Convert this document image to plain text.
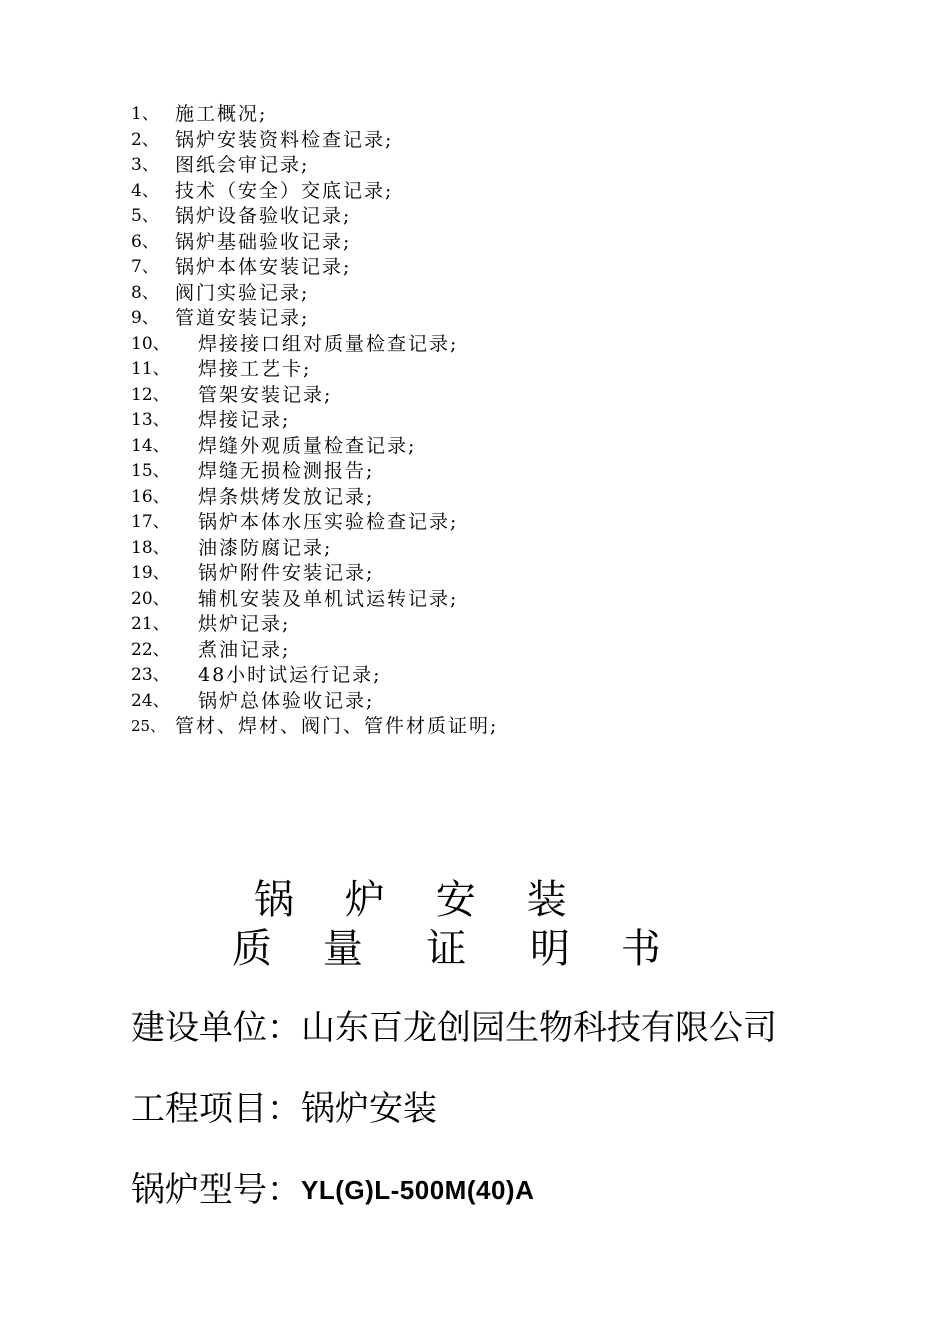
1、 施工概况;
2、 锅炉安装资料检查记录;
3、 图纸会审记录;
4、 技术（安全）交底记录;
5、 锅炉设备验收记录;
6、 锅炉基础验收记录;
7、 锅炉本体安装记录;
8、 阀门实验记录;
9、 管道安装记录;
10、	焊接接口组对质量检查记录;
11、	焊接工艺卡;
12、	管架安装记录;
13、	焊接记录;
14、	焊缝外观质量检查记录;
15、	焊缝无损检测报告;
16、	焊条烘烤发放记录;
17、	锅炉本体水压实验检查记录;
18、	油漆防腐记录;
19、	锅炉附件安装记录;
20、	辅机安装及单机试运转记录;
21、	烘炉记录;
22、	煮油记录;
23、	48小时试运行记录;
24、	锅炉总体验收记录;
25、 管材、焊材、阀门、管件材质证明;
锅    炉    安    装
质    量     证     明    书
建设单位：山东百龙创园生物科技有限公司
工程项目：锅炉安装
锅炉型号：YL(G)L-500M(40)A
